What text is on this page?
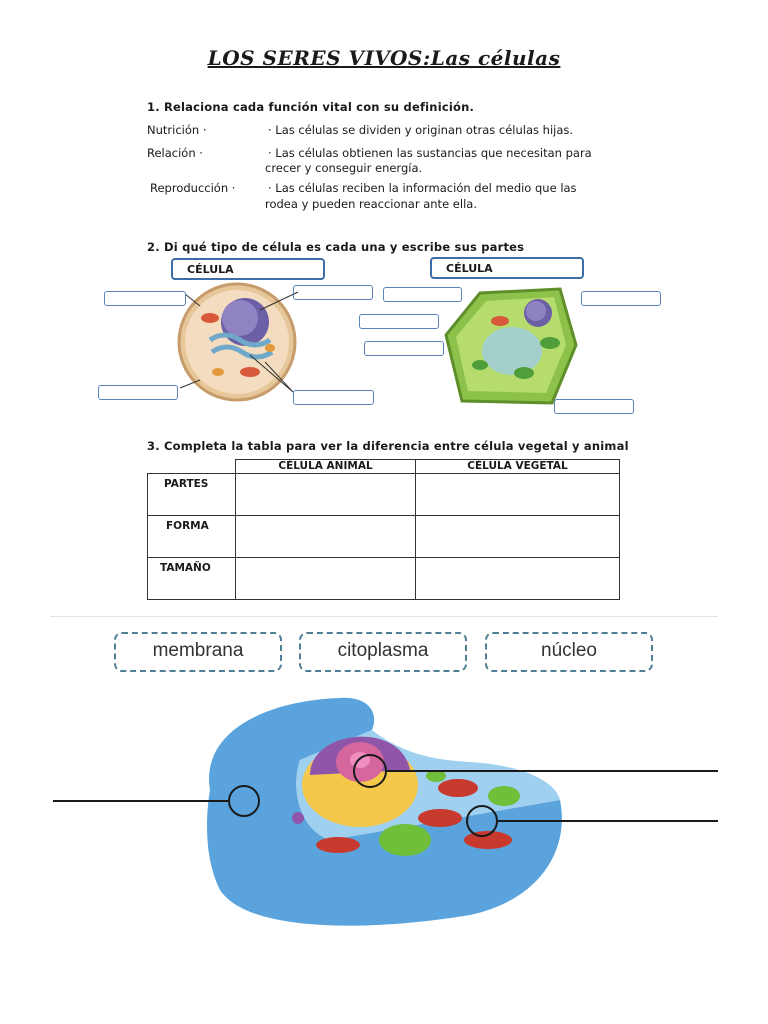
LOS SERES VIVOS:Las células
1. Relaciona cada función vital con su definición.
Nutrición ·
Relación ·
Reproducción ·
· Las células se dividen y originan otras células hijas.
· Las células obtienen las sustancias que necesitan para
crecer y conseguir energía.
· Las células reciben la información del medio que las
rodea y pueden reaccionar ante ella.
2. Di qué tipo de célula es cada una y escribe sus partes
CÉLULA	CÉLULA
3. Completa la tabla para ver la diferencia entre célula vegetal y animal
	CÉLULA ANIMAL	CÉLULA VEGETAL
PARTES		
FORMA		
TAMAÑO		
membrana	citoplasma	núcleo
